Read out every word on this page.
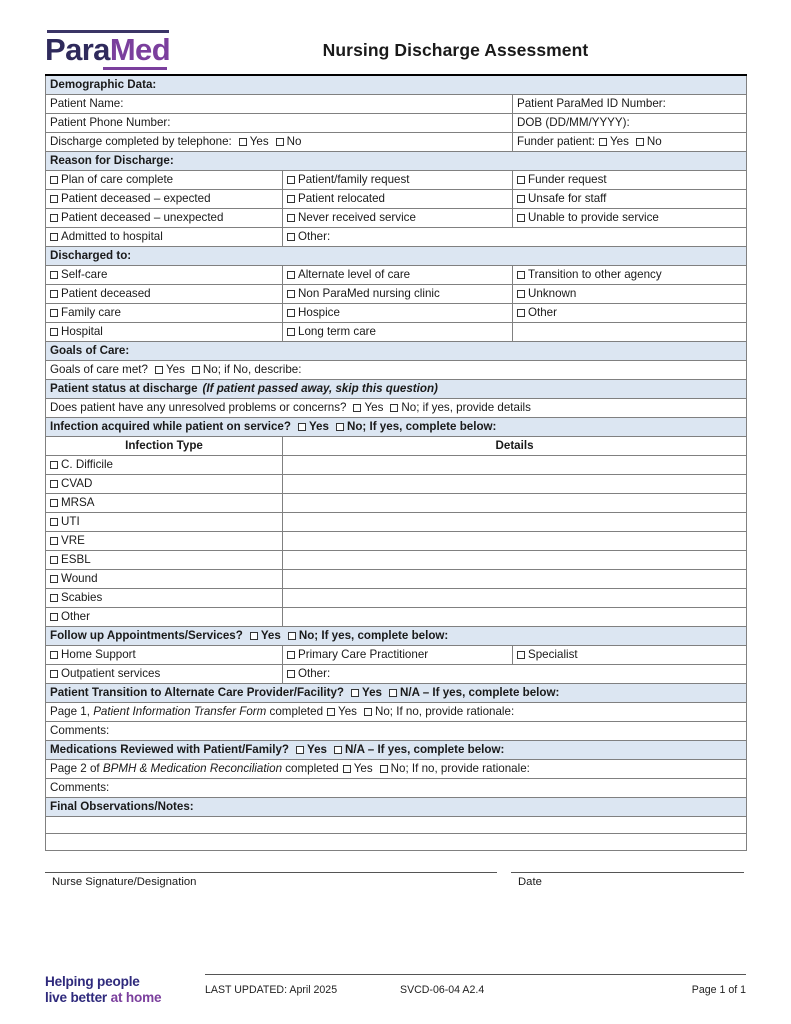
ParaMed	Nursing Discharge Assessment
Demographic Data:		
Patient Name:		Patient ParaMed ID Number:
Patient Phone Number:		DOB (DD/MM/YYYY):
Discharge completed by telephone: Yes No		Funder patient: Yes No
Reason for Discharge:		
Plan of care complete	Patient/family request	Funder request
Patient deceased – expected	Patient relocated	Unsafe for staff
Patient deceased – unexpected	Never received service	Unable to provide service
Admitted to hospital	Other:	
Discharged to:		
Self-care	Alternate level of care	Transition to other agency
Patient deceased	Non ParaMed nursing clinic	Unknown
Family care	Hospice	Other
Hospital	Long term care	
Goals of Care:		
Goals of care met? Yes No; if No, describe:		
Patient status at discharge (If patient passed away, skip this question)		
Does patient have any unresolved problems or concerns? Yes No; if yes, provide details		
Infection acquired while patient on service? Yes No; If yes, complete below:		
Infection Type	Details	
C. Difficile		
CVAD		
MRSA		
UTI		
VRE		
ESBL		
Wound		
Scabies		
Other		
Follow up Appointments/Services? Yes No; If yes, complete below:		
Home Support	Primary Care Practitioner	Specialist
Outpatient services	Other:	
Patient Transition to Alternate Care Provider/Facility? Yes N/A – If yes, complete below:		
Page 1, Patient Information Transfer Form completed Yes No; If no, provide rationale:		
Comments:		
Medications Reviewed with Patient/Family? Yes N/A – If yes, complete below:		
Page 2 of BPMH & Medication Reconciliation completed Yes No; If no, provide rationale:		
Comments:		
Final Observations/Notes:		

Nurse Signature/Designation	Date
Helping people
live better at home	LAST UPDATED: April 2025	SVCD-06-04 A2.4	Page 1 of 1
